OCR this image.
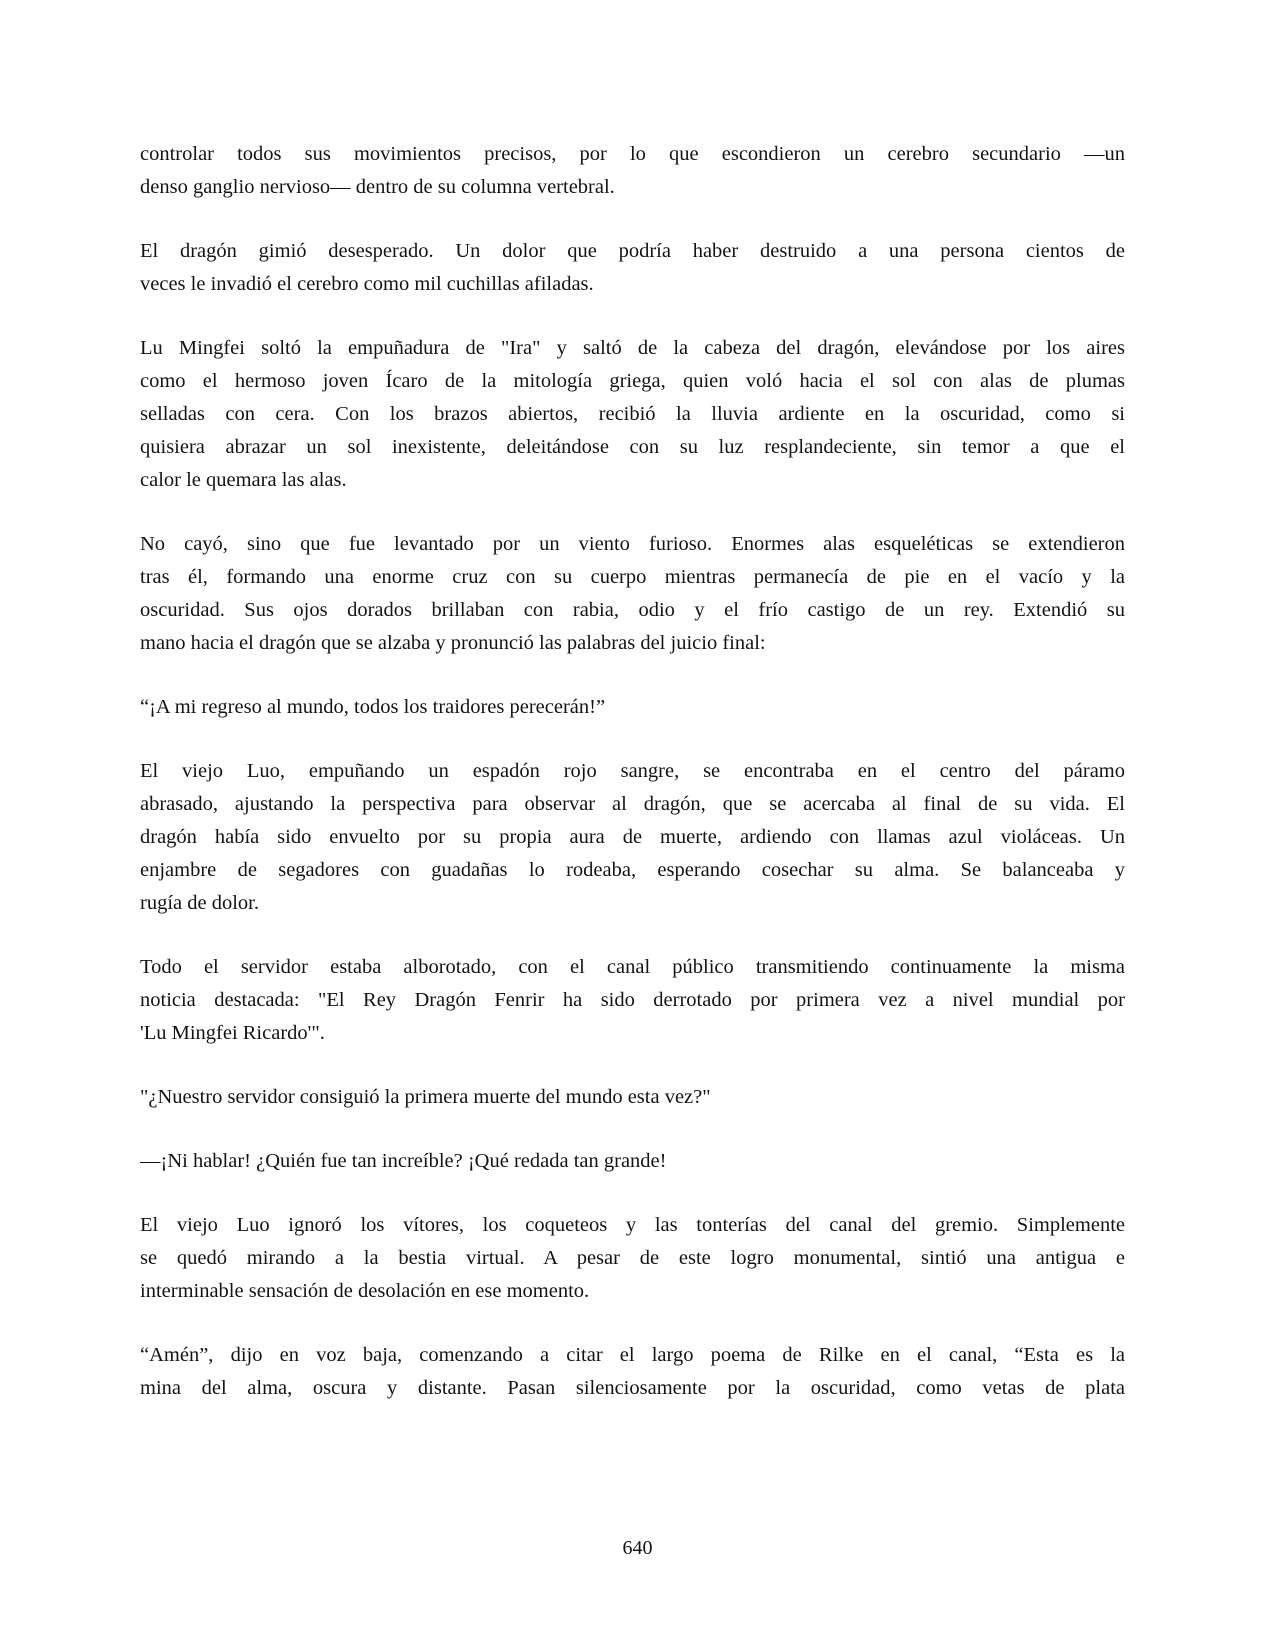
controlar todos sus movimientos precisos, por lo que escondieron un cerebro secundario —un
denso ganglio nervioso— dentro de su columna vertebral.

El dragón gimió desesperado. Un dolor que podría haber destruido a una persona cientos de
veces le invadió el cerebro como mil cuchillas afiladas.

Lu Mingfei soltó la empuñadura de "Ira" y saltó de la cabeza del dragón, elevándose por los aires
como el hermoso joven Ícaro de la mitología griega, quien voló hacia el sol con alas de plumas
selladas con cera. Con los brazos abiertos, recibió la lluvia ardiente en la oscuridad, como si
quisiera abrazar un sol inexistente, deleitándose con su luz resplandeciente, sin temor a que el
calor le quemara las alas.

No cayó, sino que fue levantado por un viento furioso. Enormes alas esqueléticas se extendieron
tras él, formando una enorme cruz con su cuerpo mientras permanecía de pie en el vacío y la
oscuridad. Sus ojos dorados brillaban con rabia, odio y el frío castigo de un rey. Extendió su
mano hacia el dragón que se alzaba y pronunció las palabras del juicio final:

“¡A mi regreso al mundo, todos los traidores perecerán!”

El viejo Luo, empuñando un espadón rojo sangre, se encontraba en el centro del páramo
abrasado, ajustando la perspectiva para observar al dragón, que se acercaba al final de su vida. El
dragón había sido envuelto por su propia aura de muerte, ardiendo con llamas azul violáceas. Un
enjambre de segadores con guadañas lo rodeaba, esperando cosechar su alma. Se balanceaba y
rugía de dolor.

Todo el servidor estaba alborotado, con el canal público transmitiendo continuamente la misma
noticia destacada: "El Rey Dragón Fenrir ha sido derrotado por primera vez a nivel mundial por
'Lu Mingfei Ricardo'".

"¿Nuestro servidor consiguió la primera muerte del mundo esta vez?"

—¡Ni hablar! ¿Quién fue tan increíble? ¡Qué redada tan grande!

El viejo Luo ignoró los vítores, los coqueteos y las tonterías del canal del gremio. Simplemente
se quedó mirando a la bestia virtual. A pesar de este logro monumental, sintió una antigua e
interminable sensación de desolación en ese momento.

“Amén”, dijo en voz baja, comenzando a citar el largo poema de Rilke en el canal, “Esta es la
mina del alma, oscura y distante. Pasan silenciosamente por la oscuridad, como vetas de plata

640
